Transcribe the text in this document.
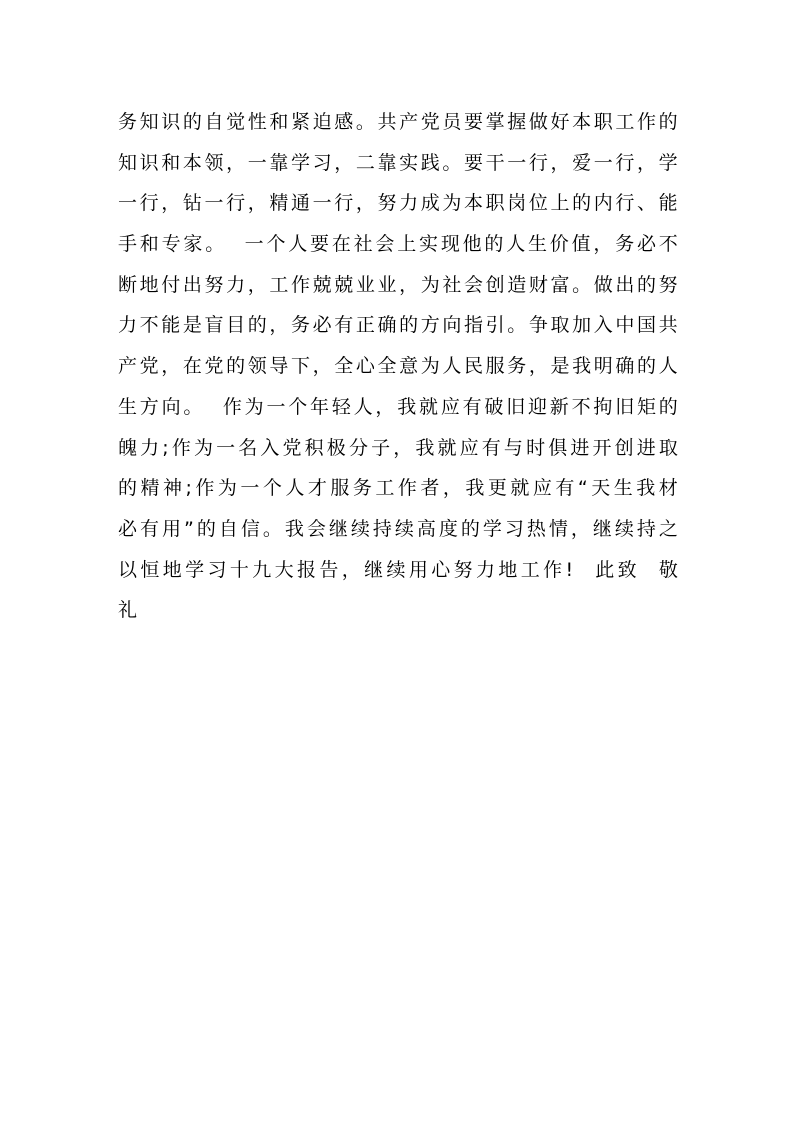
务 知 识 的 自 觉 性 和 紧 迫 感 。 共 产 党 员 要 掌 握 做 好 本 职 工 作 的
知 识 和 本 领 ， 一 靠 学 习 ， 二 靠 实 践 。 要 干 一 行 ， 爱 一 行 ， 学
一 行 ， 钻 一 行 ， 精 通 一 行 ， 努 力 成 为 本 职 岗 位 上 的 内 行 、 能
手 和 专 家 。

一 个 人 要 在 社 会 上 实 现 他 的 人 生 价 值 ， 务 必 不
断 地 付 出 努 力 ， 工 作 兢 兢 业 业 ， 为 社 会 创 造 财 富 。 做 出 的 努
力 不 能 是 盲 目 的 ， 务 必 有 正 确 的 方 向 指 引 。 争 取 加 入 中 国 共
产 党 ， 在 党 的 领 导 下 ， 全 心 全 意 为 人 民 服 务 ， 是 我 明 确 的 人
生 方 向 。

作 为 一 个 年 轻 人 ， 我 就 应 有 破 旧 迎 新 不 拘 旧 矩 的
魄 力 ; 作 为 一 名 入 党 积 极 分 子 ， 我 就 应 有 与 时 俱 进 开 创 进 取
的 精 神 ; 作 为 一 个 人 才 服 务 工 作 者 ， 我 更 就 应 有 “ 天 生 我 材
必 有 用 ” 的 自 信 。 我 会 继 续 持 续 高 度 的 学 习 热 情 ， 继 续 持 之
以 恒 地 学 习 十 九 大 报 告 ， 继 续 用 心 努 力 地 工 作 !

此 致

敬
礼
